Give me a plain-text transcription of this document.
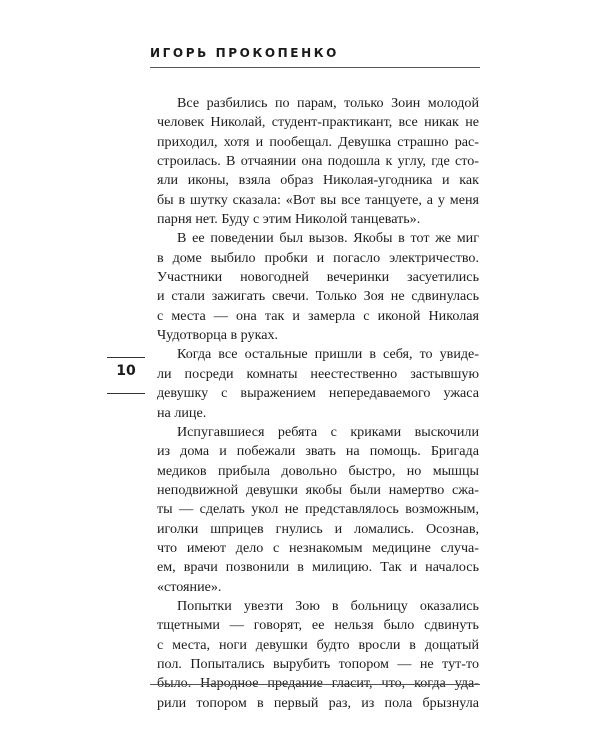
ИГОРЬ ПРОКОПЕНКО
10
Все разбились по парам, только Зоин молодой
человек Николай, студент-практикант, все никак не
приходил, хотя и пообещал. Девушка страшно рас-
строилась. В отчаянии она подошла к углу, где сто-
яли иконы, взяла образ Николая-угодника и как
бы в шутку сказала: «Вот вы все танцуете, а у меня
парня нет. Буду с этим Николой танцевать».
В ее поведении был вызов. Якобы в тот же миг
в доме выбило пробки и погасло электричество.
Участники новогодней вечеринки засуетились
и стали зажигать свечи. Только Зоя не сдвинулась
с места — она так и замерла с иконой Николая
Чудотворца в руках.
Когда все остальные пришли в себя, то увиде-
ли посреди комнаты неестественно застывшую
девушку с выражением непередаваемого ужаса
на лице.
Испугавшиеся ребята с криками выскочили
из дома и побежали звать на помощь. Бригада
медиков прибыла довольно быстро, но мышцы
неподвижной девушки якобы были намертво сжа-
ты — сделать укол не представлялось возможным,
иголки шприцев гнулись и ломались. Осознав,
что имеют дело с незнакомым медицине случа-
ем, врачи позвонили в милицию. Так и началось
«стояние».
Попытки увезти Зою в больницу оказались
тщетными — говорят, ее нельзя было сдвинуть
с места, ноги девушки будто вросли в дощатый
пол. Попытались вырубить топором — не тут-то
было. Народное предание гласит, что, когда уда-
рили топором в первый раз, из пола брызнула
